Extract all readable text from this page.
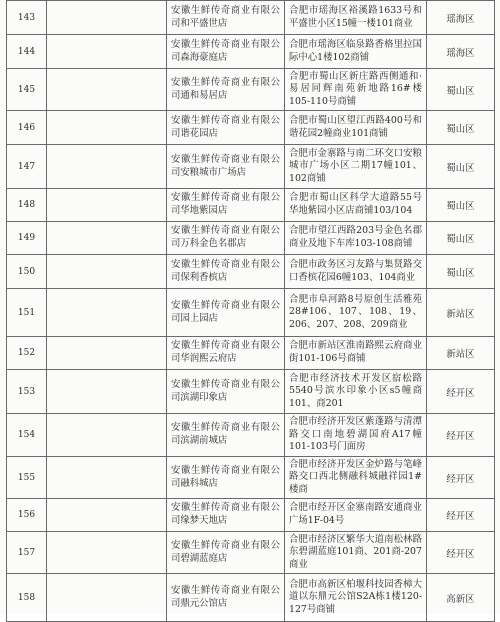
143		安徽生鲜传奇商业有限公司和平盛世店	合肥市瑶海区裕溪路1633号和平盛世小区15幢一楼101商业	瑶海区
144		安徽生鲜传奇商业有限公司森海豪庭店	合肥市瑶海区临泉路香格里拉国际中心1楼102商铺	瑶海区
145		安徽生鲜传奇商业有限公司通和易居店	合肥市蜀山区新庄路西侧通和·易居同辉南苑新地路16#楼105-110号商铺	蜀山区
146		安徽生鲜传奇商业有限公司谐花园店	合肥市蜀山区望江西路400号和谐花园2幢商业101商铺	蜀山区
147		安徽生鲜传奇商业有限公司安粮城市广场店	合肥市金寨路与南二环交口安粮城市广场小区二期17幢101、102商铺	蜀山区
148		安徽生鲜传奇商业有限公司华地紫园店	合肥市蜀山区科学大道路55号华地紫园小区店商铺103/104	蜀山区
149		安徽生鲜传奇商业有限公司万科金色名郡店	合肥市望江西路203号金色名郡商业及地下车库103-108商铺	蜀山区
150		安徽生鲜传奇商业有限公司保利香槟店	合肥市政务区习友路与集贤路交口香槟花园6幢103、104商业	蜀山区
151		安徽生鲜传奇商业有限公司园上园店	合肥市阜河路8号原创生活雅苑28#106、107、108、19、206、207、208、209商业	新站区
152		安徽生鲜传奇商业有限公司华润熙云府店	合肥市新站区淮南路熙云府商业街101-106号商铺	新站区
153		安徽生鲜传奇商业有限公司滨湖印象店	合肥市经济技术开发区宿松路5540号滨水印象小区s5幢商101、商201	经开区
154		安徽生鲜传奇商业有限公司滨湖前城店	合肥市经济开发区紫蓬路与清潭路交口南地碧湖国府A17幢101-103号门面房	经开区
155		安徽生鲜传奇商业有限公司融科城店	合肥市经济开发区金炉路与笔峰路交口西北侧融科城融祥园1#楼商	经开区
156		安徽生鲜传奇商业有限公司缘梦天地店	合肥市经开区金寨南路安通商业广场1F-04号	经开区
157		安徽生鲜传奇商业有限公司碧湖蓝庭店	合肥市经济区繁华大道南松林路东碧湖蓝庭101商、201商-207商业	经开区
158		安徽生鲜传奇商业有限公司鼎元公馆店	合肥市高新区柏堰科技园香樟大道以东鼎元公馆S2A栋1楼120-127号商铺	高新区
